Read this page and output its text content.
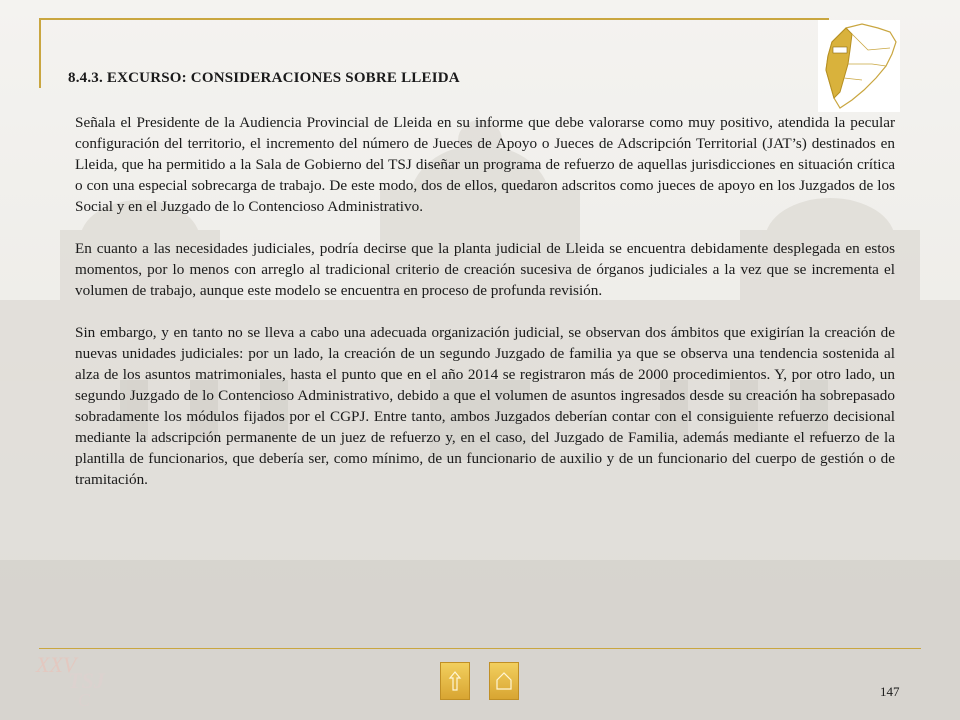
8.4.3. EXCURSO: CONSIDERACIONES SOBRE LLEIDA

Señala el Presidente de la Audiencia Provincial de Lleida en su informe que debe valorarse como muy positivo, atendida la pecular configuración del territorio, el incremento del número de Jueces de Apoyo o Jueces de Adscripción Territorial (JAT’s) destinados en Lleida, que ha permitido a la Sala de Gobierno del TSJ diseñar un programa de refuerzo de aquellas jurisdicciones en situación crítica o con una especial sobrecarga de trabajo. De este modo, dos de ellos, quedaron adscritos como jueces de apoyo en los Juzgados de los Social y en el Juzgado de lo Contencioso Administrativo.

En cuanto a las necesidades judiciales, podría decirse que la planta judicial de Lleida se encuentra debidamente desplegada en estos momentos, por lo menos con arreglo al tradicional criterio de creación sucesiva de órganos judiciales a la vez que se incrementa el volumen de trabajo, aunque este modelo se encuentra en proceso de profunda revisión.

Sin embargo, y en tanto no se lleva a cabo una adecuada organización judicial, se observan dos ámbitos que exigirían la creación de nuevas unidades judiciales: por un lado, la creación de un segundo Juzgado de familia ya que se observa una tendencia sostenida al alza de los asuntos matrimoniales, hasta el punto que en el año 2014 se registraron más de 2000 procedimientos. Y, por otro lado, un segundo Juzgado de lo Contencioso Administrativo, debido a que el volumen de asuntos ingresados desde su creación ha sobrepasado sobradamente los módulos fijados por el CGPJ. Entre tanto, ambos Juzgados deberían contar con el consiguiente refuerzo decisional mediante la adscripción permanente de un juez de refuerzo y, en el caso, del Juzgado de Familia, además mediante el refuerzo de la plantilla de funcionarios, que debería ser, como mínimo, de un funcionario de auxilio y de un funcionario del cuerpo de gestión o de tramitación.

XXV
TSJ
C	147
